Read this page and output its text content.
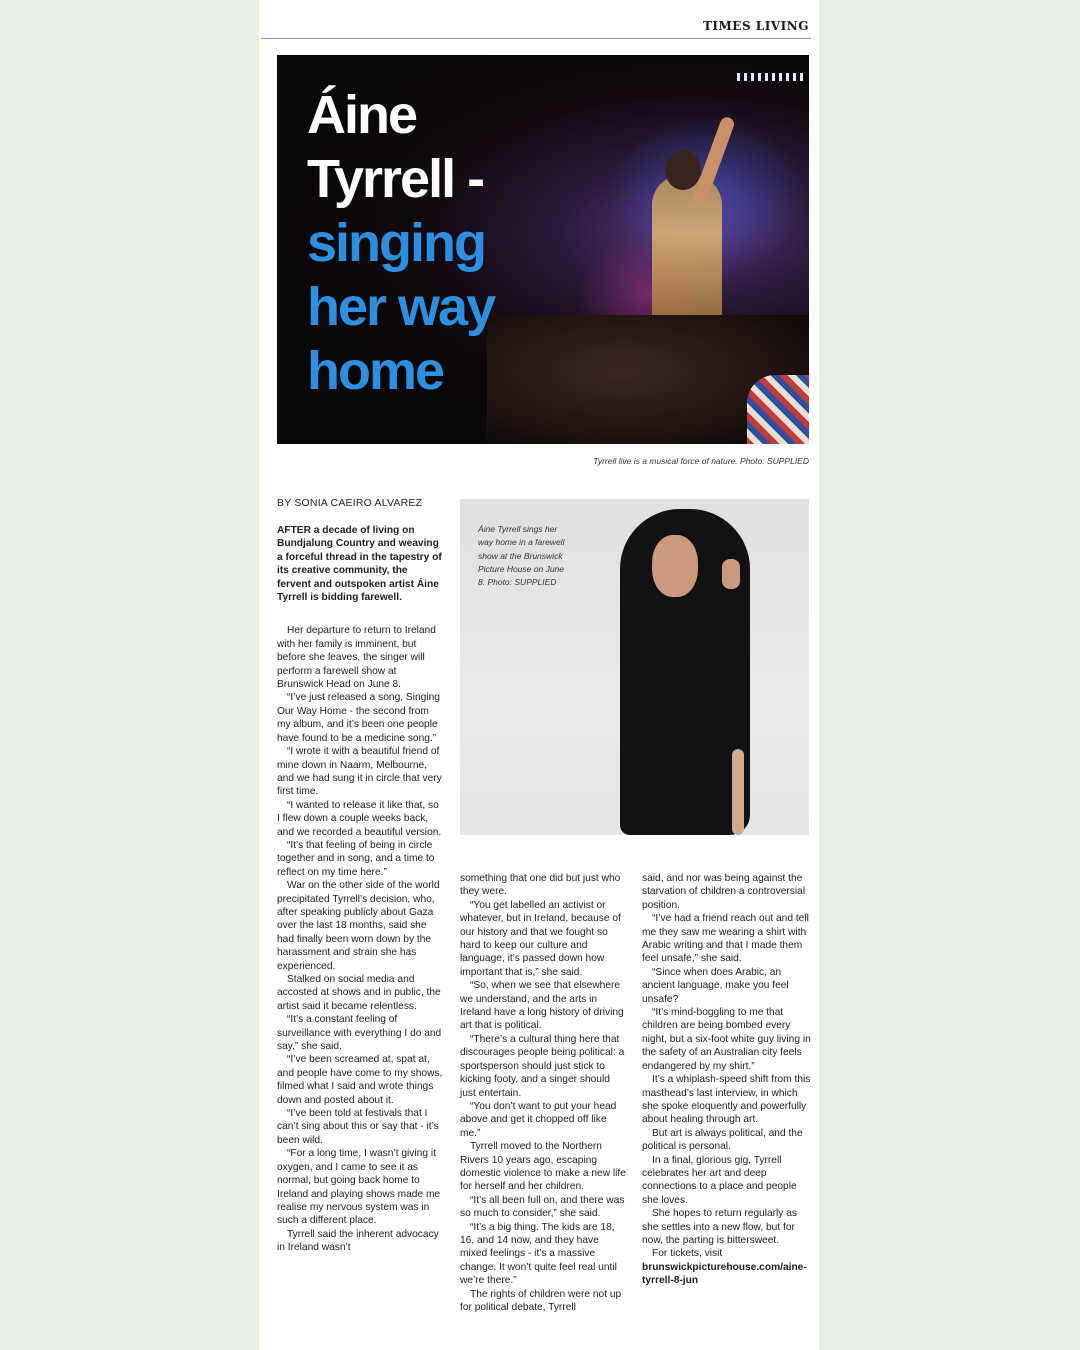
TIMES LIVING
Áine
Tyrrell -
singing
her way
home
Tyrrell live is a musical force of nature. Photo: SUPPLIED
BY SONIA CAEIRO ALVAREZ

Áine Tyrrell sings her way home in a farewell show at the Brunswick Picture House on June 8. Photo: SUPPLIED

AFTER a decade of living on Bundjalung Country and weaving a forceful thread in the tapestry of its creative community, the fervent and outspoken artist Áine Tyrrell is bidding farewell.

Her departure to return to Ireland with her family is imminent, but before she leaves, the singer will perform a farewell show at Brunswick Head on June 8.

“I’ve just released a song, Singing Our Way Home - the second from my album, and it’s been one people have found to be a medicine song.”

“I wrote it with a beautiful friend of mine down in Naarm, Melbourne, and we had sung it in circle that very first time.

“I wanted to release it like that, so I flew down a couple weeks back, and we recorded a beautiful version.

“It’s that feeling of being in circle together and in song, and a time to reflect on my time here.”

War on the other side of the world precipitated Tyrrell’s decision, who, after speaking publicly about Gaza over the last 18 months, said she had finally been worn down by the harassment and strain she has experienced.

Stalked on social media and accosted at shows and in public, the artist said it became relentless.

“It’s a constant feeling of surveillance with everything I do and say,” she said.

“I’ve been screamed at, spat at, and people have come to my shows, filmed what I said and wrote things down and posted about it.

“I’ve been told at festivals that I can’t sing about this or say that - it’s been wild.

“For a long time, I wasn’t giving it oxygen, and I came to see it as normal, but going back home to Ireland and playing shows made me realise my nervous system was in such a different place.

Tyrrell said the inherent advocacy in Ireland wasn’t

something that one did but just who they were.

“You get labelled an activist or whatever, but in Ireland, because of our history and that we fought so hard to keep our culture and language, it’s passed down how important that is,” she said.

“So, when we see that elsewhere we understand, and the arts in Ireland have a long history of driving art that is political.

“There’s a cultural thing here that discourages people being political: a sportsperson should just stick to kicking footy, and a singer should just entertain.

“You don’t want to put your head above and get it chopped off like me.”

Tyrrell moved to the Northern Rivers 10 years ago, escaping domestic violence to make a new life for herself and her children.

“It’s all been full on, and there was so much to consider,” she said.

“It’s a big thing. The kids are 18, 16, and 14 now, and they have mixed feelings - it’s a massive change. It won’t quite feel real until we’re there.”

The rights of children were not up for political debate, Tyrrell

said, and nor was being against the starvation of children a controversial position.

“I’ve had a friend reach out and tell me they saw me wearing a shirt with Arabic writing and that I made them feel unsafe,” she said.

“Since when does Arabic, an ancient language, make you feel unsafe?

“It’s mind-boggling to me that children are being bombed every night, but a six-foot white guy living in the safety of an Australian city feels endangered by my shirt.”

It’s a whiplash-speed shift from this masthead’s last interview, in which she spoke eloquently and powerfully about healing through art.

But art is always political, and the political is personal.

In a final, glorious gig, Tyrrell celebrates her art and deep connections to a place and people she loves.

She hopes to return regularly as she settles into a new flow, but for now, the parting is bittersweet.

For tickets, visit

brunswickpicturehouse.com/aine-tyrrell-8-jun
